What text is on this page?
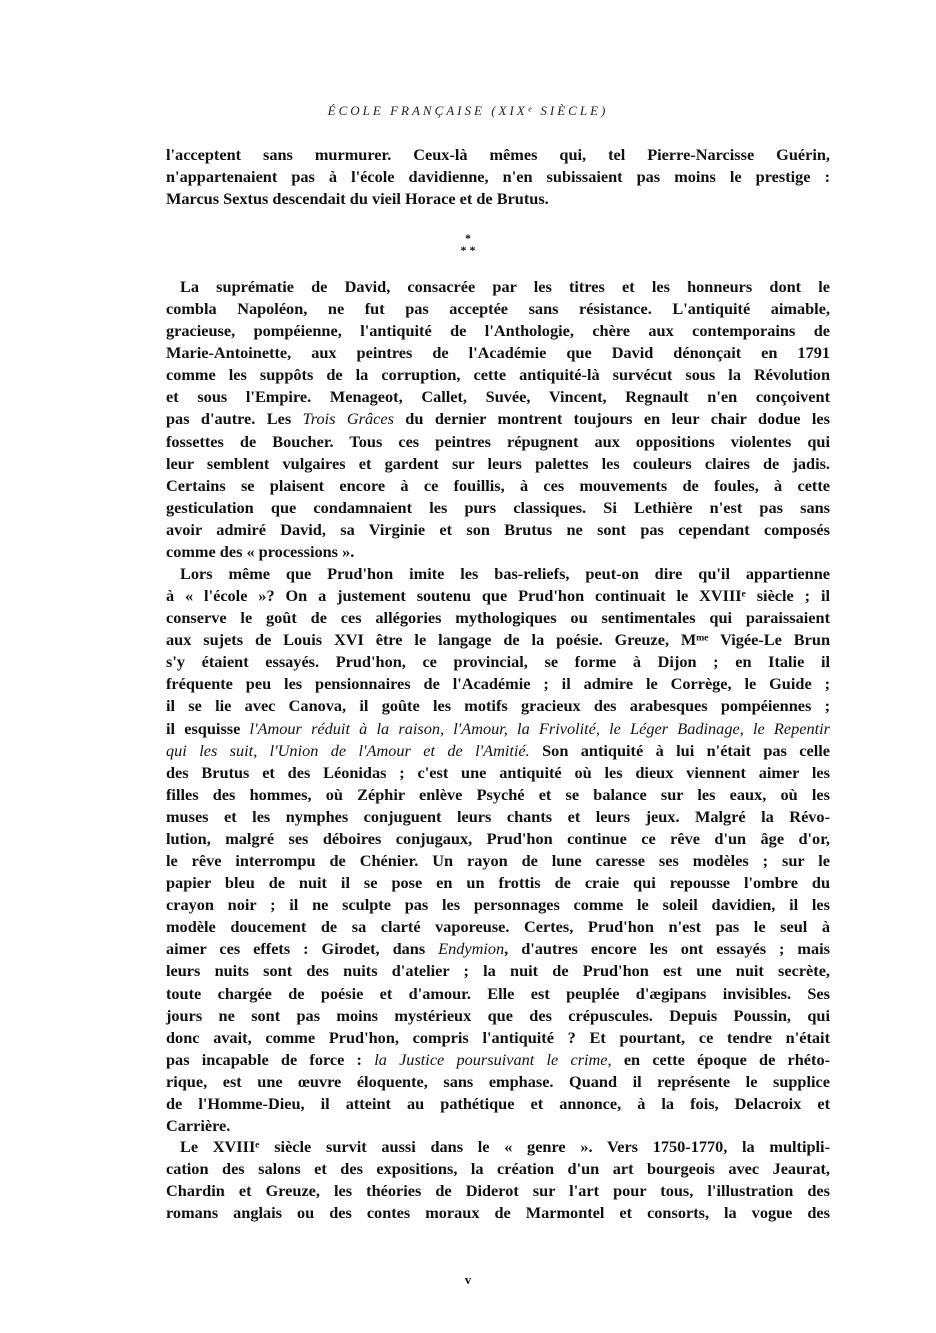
ÉCOLE FRANÇAISE (XIXᵉ SIÈCLE)
*
* *
l'acceptent sans murmurer. Ceux-là mêmes qui, tel Pierre-Narcisse Guérin,
n'appartenaient pas à l'école davidienne, n'en subissaient pas moins le prestige :
Marcus Sextus descendait du vieil Horace et de Brutus.
La suprématie de David, consacrée par les titres et les honneurs dont le
combla Napoléon, ne fut pas acceptée sans résistance. L'antiquité aimable,
gracieuse, pompéienne, l'antiquité de l'Anthologie, chère aux contemporains de
Marie-Antoinette, aux peintres de l'Académie que David dénonçait en 1791
comme les suppôts de la corruption, cette antiquité-là survécut sous la Révolution
et sous l'Empire. Menageot, Callet, Suvée, Vincent, Regnault n'en conçoivent
pas d'autre. Les Trois Grâces du dernier montrent toujours en leur chair dodue les
fossettes de Boucher. Tous ces peintres répugnent aux oppositions violentes qui
leur semblent vulgaires et gardent sur leurs palettes les couleurs claires de jadis.
Certains se plaisent encore à ce fouillis, à ces mouvements de foules, à cette
gesticulation que condamnaient les purs classiques. Si Lethière n'est pas sans
avoir admiré David, sa Virginie et son Brutus ne sont pas cependant composés
comme des « processions ».
Lors même que Prud'hon imite les bas-reliefs, peut-on dire qu'il appartienne
à « l'école »? On a justement soutenu que Prud'hon continuait le XVIIIᵉ siècle ; il
conserve le goût de ces allégories mythologiques ou sentimentales qui paraissaient
aux sujets de Louis XVI être le langage de la poésie. Greuze, Mᵐᵉ Vigée-Le Brun
s'y étaient essayés. Prud'hon, ce provincial, se forme à Dijon ; en Italie il
fréquente peu les pensionnaires de l'Académie ; il admire le Corrège, le Guide ;
il se lie avec Canova, il goûte les motifs gracieux des arabesques pompéiennes ;
il esquisse l'Amour réduit à la raison, l'Amour, la Frivolité, le Léger Badinage, le Repentir
qui les suit, l'Union de l'Amour et de l'Amitié. Son antiquité à lui n'était pas celle
des Brutus et des Léonidas ; c'est une antiquité où les dieux viennent aimer les
filles des hommes, où Zéphir enlève Psyché et se balance sur les eaux, où les
muses et les nymphes conjuguent leurs chants et leurs jeux. Malgré la Révo-
lution, malgré ses déboires conjugaux, Prud'hon continue ce rêve d'un âge d'or,
le rêve interrompu de Chénier. Un rayon de lune caresse ses modèles ; sur le
papier bleu de nuit il se pose en un frottis de craie qui repousse l'ombre du
crayon noir ; il ne sculpte pas les personnages comme le soleil davidien, il les
modèle doucement de sa clarté vaporeuse. Certes, Prud'hon n'est pas le seul à
aimer ces effets : Girodet, dans Endymion, d'autres encore les ont essayés ; mais
leurs nuits sont des nuits d'atelier ; la nuit de Prud'hon est une nuit secrète,
toute chargée de poésie et d'amour. Elle est peuplée d'ægipans invisibles. Ses
jours ne sont pas moins mystérieux que des crépuscules. Depuis Poussin, qui
donc avait, comme Prud'hon, compris l'antiquité ? Et pourtant, ce tendre n'était
pas incapable de force : la Justice poursuivant le crime, en cette époque de rhéto-
rique, est une œuvre éloquente, sans emphase. Quand il représente le supplice
de l'Homme-Dieu, il atteint au pathétique et annonce, à la fois, Delacroix et
Carrière.
Le XVIIIᵉ siècle survit aussi dans le « genre ». Vers 1750-1770, la multipli-
cation des salons et des expositions, la création d'un art bourgeois avec Jeaurat,
Chardin et Greuze, les théories de Diderot sur l'art pour tous, l'illustration des
romans anglais ou des contes moraux de Marmontel et consorts, la vogue des
v
